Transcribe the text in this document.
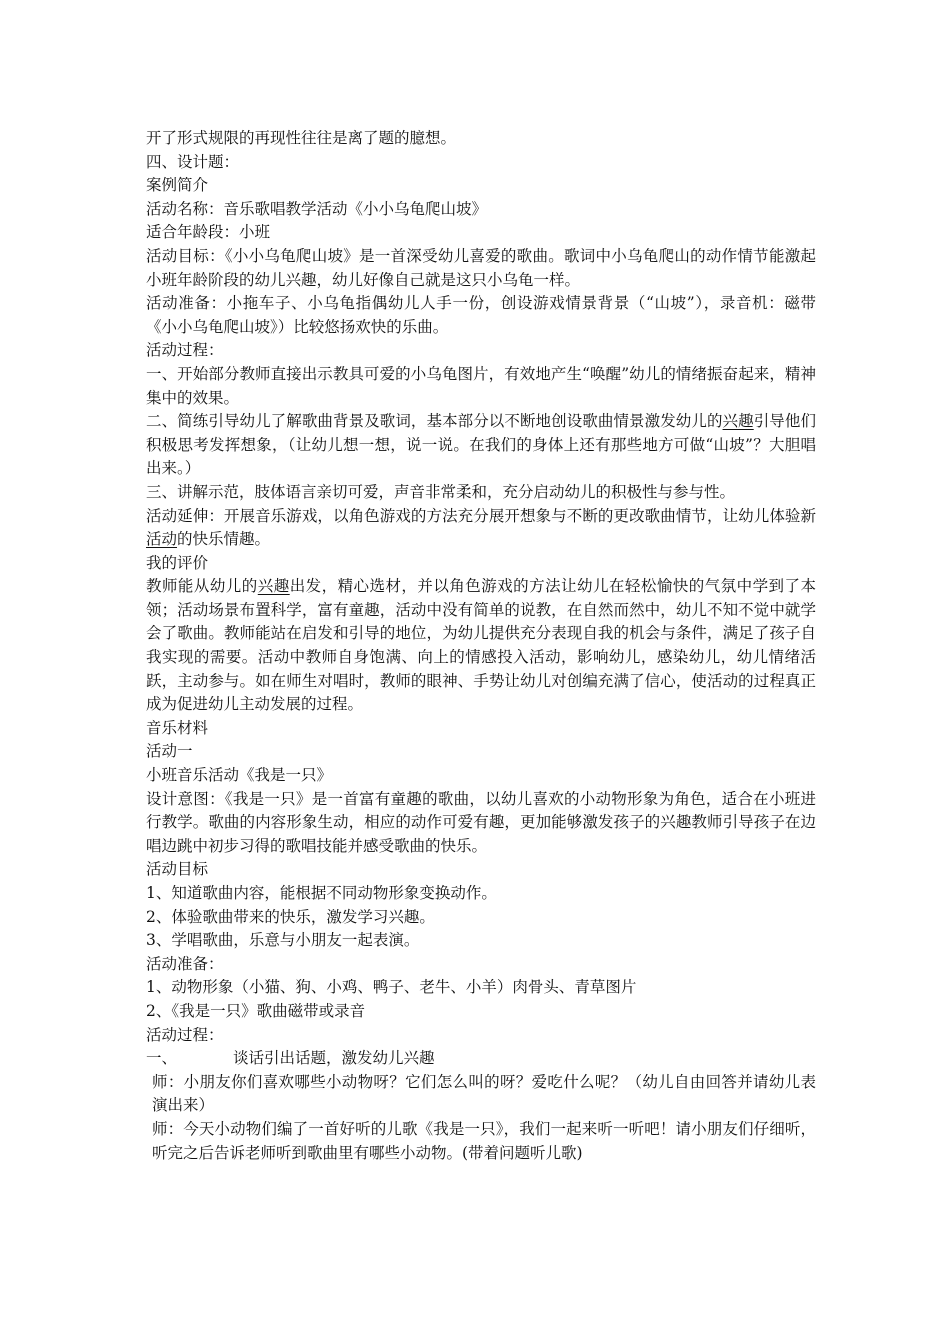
开了形式规限的再现性往往是离了题的臆想。

四、设计题：

案例简介

活动名称：音乐歌唱教学活动《小小乌龟爬山坡》

适合年龄段：小班

活动目标：《小小乌龟爬山坡》是一首深受幼儿喜爱的歌曲。歌词中小乌龟爬山的动作情节能激起小班年龄阶段的幼儿兴趣，幼儿好像自己就是这只小乌龟一样。

活动准备：小拖车子、小乌龟指偶幼儿人手一份，创设游戏情景背景（“山坡”），录音机：磁带《小小乌龟爬山坡》）比较悠扬欢快的乐曲。

活动过程：

一、开始部分教师直接出示教具可爱的小乌龟图片，有效地产生“唤醒”幼儿的情绪振奋起来，精神集中的效果。

二、简练引导幼儿了解歌曲背景及歌词，基本部分以不断地创设歌曲情景激发幼儿的兴趣引导他们积极思考发挥想象，（让幼儿想一想，说一说。在我们的身体上还有那些地方可做“山坡”？大胆唱出来。）

三、讲解示范，肢体语言亲切可爱，声音非常柔和，充分启动幼儿的积极性与参与性。

活动延伸：开展音乐游戏，以角色游戏的方法充分展开想象与不断的更改歌曲情节，让幼儿体验新活动的快乐情趣。

我的评价

教师能从幼儿的兴趣出发，精心选材，并以角色游戏的方法让幼儿在轻松愉快的气氛中学到了本领；活动场景布置科学，富有童趣，活动中没有简单的说教，在自然而然中，幼儿不知不觉中就学会了歌曲。教师能站在启发和引导的地位，为幼儿提供充分表现自我的机会与条件，满足了孩子自我实现的需要。活动中教师自身饱满、向上的情感投入活动，影响幼儿，感染幼儿，幼儿情绪活跃，主动参与。如在师生对唱时，教师的眼神、手势让幼儿对创编充满了信心，使活动的过程真正成为促进幼儿主动发展的过程。

音乐材料

活动一

小班音乐活动《我是一只》

设计意图：《我是一只》是一首富有童趣的歌曲，以幼儿喜欢的小动物形象为角色，适合在小班进行教学。歌曲的内容形象生动，相应的动作可爱有趣，更加能够激发孩子的兴趣教师引导孩子在边唱边跳中初步习得的歌唱技能并感受歌曲的快乐。

活动目标

1、知道歌曲内容，能根据不同动物形象变换动作。

2、体验歌曲带来的快乐，激发学习兴趣。

3、学唱歌曲，乐意与小朋友一起表演。

活动准备：

1、动物形象（小猫、狗、小鸡、鸭子、老牛、小羊）肉骨头、青草图片

2、《我是一只》歌曲磁带或录音

活动过程：

一、	谈话引出话题，激发幼儿兴趣

师：小朋友你们喜欢哪些小动物呀？它们怎么叫的呀？爱吃什么呢？（幼儿自由回答并请幼儿表演出来）

师：今天小动物们编了一首好听的儿歌《我是一只》，我们一起来听一听吧！请小朋友们仔细听，听完之后告诉老师听到歌曲里有哪些小动物。(带着问题听儿歌)
